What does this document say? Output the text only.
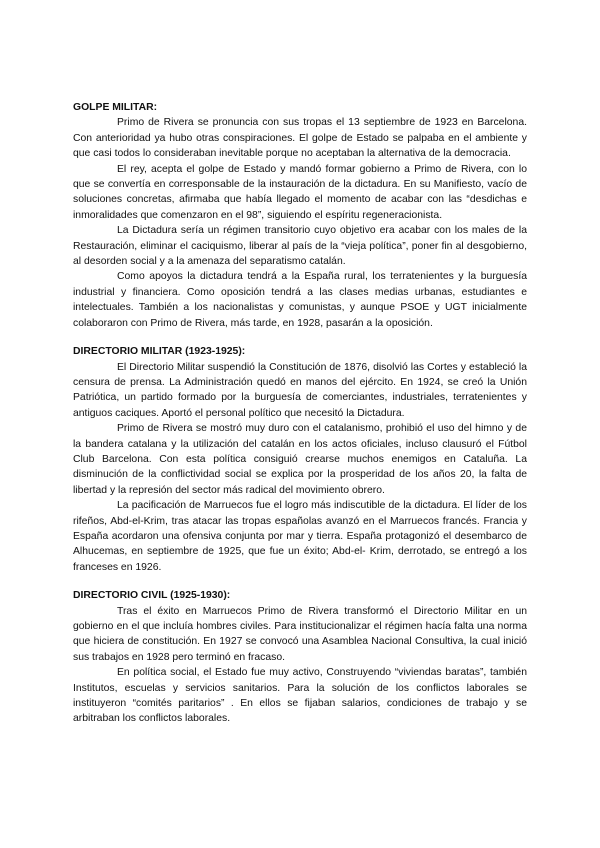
GOLPE MILITAR:

Primo de Rivera se pronuncia con sus tropas el 13 septiembre de 1923 en Barcelona. Con anterioridad ya hubo otras conspiraciones. El golpe de Estado se palpaba en el ambiente y que casi todos lo consideraban inevitable porque no aceptaban la alternativa de la democracia.

El rey, acepta el golpe de Estado y mandó formar gobierno a Primo de Rivera, con lo que se convertía en corresponsable de la instauración de la dictadura. En su Manifiesto, vacío de soluciones concretas, afirmaba que había llegado el momento de acabar con las “desdichas e inmoralidades que comenzaron en el 98”, siguiendo el espíritu regeneracionista.

La Dictadura sería un régimen transitorio cuyo objetivo era acabar con los males de la Restauración, eliminar el caciquismo, liberar al país de la “vieja política”, poner fin al desgobierno, al desorden social y a la amenaza del separatismo catalán.

Como apoyos la dictadura tendrá a la España rural, los terratenientes y la burguesía industrial y financiera. Como oposición tendrá a las clases medias urbanas, estudiantes e intelectuales. También a los nacionalistas y comunistas, y aunque PSOE y UGT inicialmente colaboraron con Primo de Rivera, más tarde, en 1928, pasarán a la oposición.

DIRECTORIO MILITAR (1923-1925):

El Directorio Militar suspendió la Constitución de 1876, disolvió las Cortes y estableció la censura de prensa. La Administración quedó en manos del ejército. En 1924, se creó la Unión Patriótica, un partido formado por la burguesía de comerciantes, industriales, terratenientes y antiguos caciques. Aportó el personal político que necesitó la Dictadura.

Primo de Rivera se mostró muy duro con el catalanismo, prohibió el uso del himno y de la bandera catalana y la utilización del catalán en los actos oficiales, incluso clausuró el Fútbol Club Barcelona. Con esta política consiguió crearse muchos enemigos en Cataluña. La disminución de la conflictividad social se explica por la prosperidad de los años 20, la falta de libertad y la represión del sector más radical del movimiento obrero.

La pacificación de Marruecos fue el logro más indiscutible de la dictadura. El líder de los rifeños, Abd-el-Krim, tras atacar las tropas españolas avanzó en el Marruecos francés. Francia y España acordaron una ofensiva conjunta por mar y tierra. España protagonizó el desembarco de Alhucemas, en septiembre de 1925, que fue un éxito; Abd-el- Krim, derrotado, se entregó a los franceses en 1926.

DIRECTORIO CIVIL (1925-1930):

Tras el éxito en Marruecos Primo de Rivera transformó el Directorio Militar en un gobierno en el que incluía hombres civiles. Para institucionalizar el régimen hacía falta una norma que hiciera de constitución. En 1927 se convocó una Asamblea Nacional Consultiva, la cual inició sus trabajos en 1928 pero terminó en fracaso.

En política social, el Estado fue muy activo, Construyendo “viviendas baratas”, también Institutos, escuelas y servicios sanitarios. Para la solución de los conflictos laborales se instituyeron “comités paritarios” . En ellos se fijaban salarios, condiciones de trabajo y se arbitraban los conflictos laborales.
